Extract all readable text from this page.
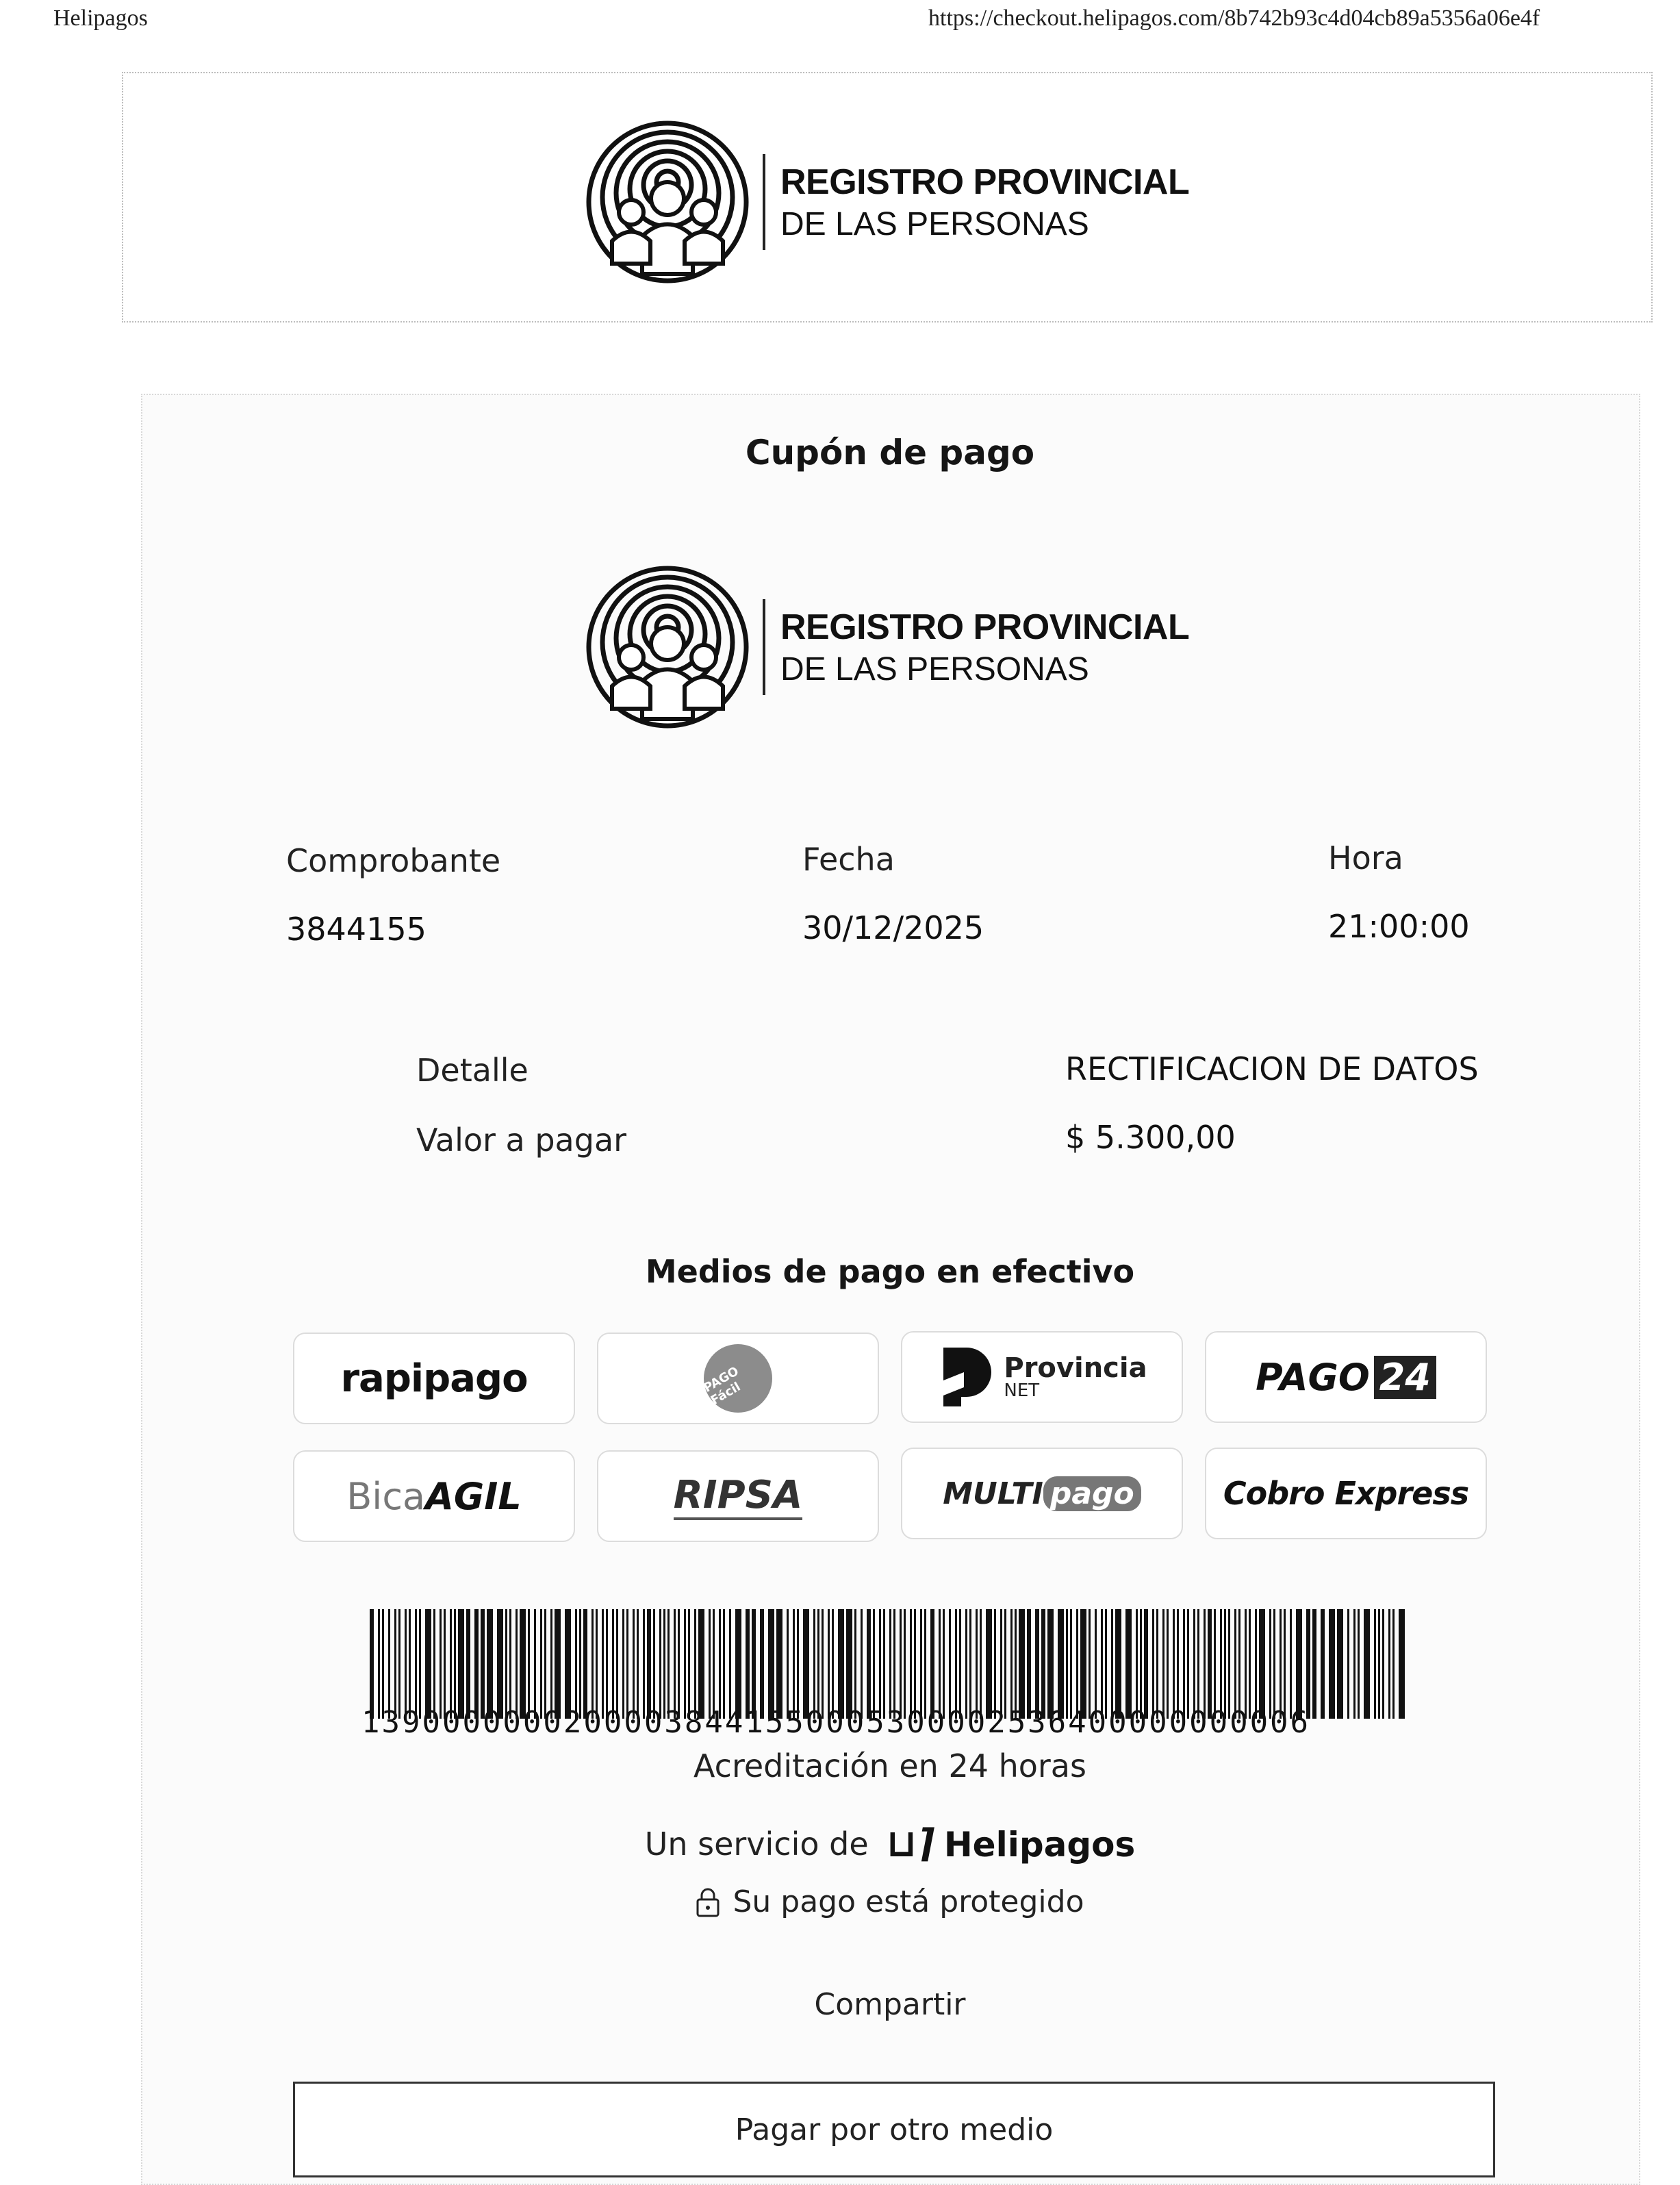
Helipagos	https://checkout.helipagos.com/8b742b93c4d04cb89a5356a06e4f
REGISTRO PROVINCIAL
DE LAS PERSONAS
Cupón de pago
REGISTRO PROVINCIAL
DE LAS PERSONAS
Comprobante
3844155
Fecha
30/12/2025
Hora
21:00:00
Detalle	RECTIFICACION DE DATOS
Valor a pagar	$ 5.300,00
Medios de pago en efectivo
rapipago	PAGO Fácil
Provincia
NET	PAGO 24
BicaAGIL	RIPSA	MULTI pago	Cobro Express
13900000002000038441550005300002536400000000006
Acreditación en 24 horas
Un servicio de ⊔⌉ Helipagos
Su pago está protegido
Compartir
Pagar por otro medio
